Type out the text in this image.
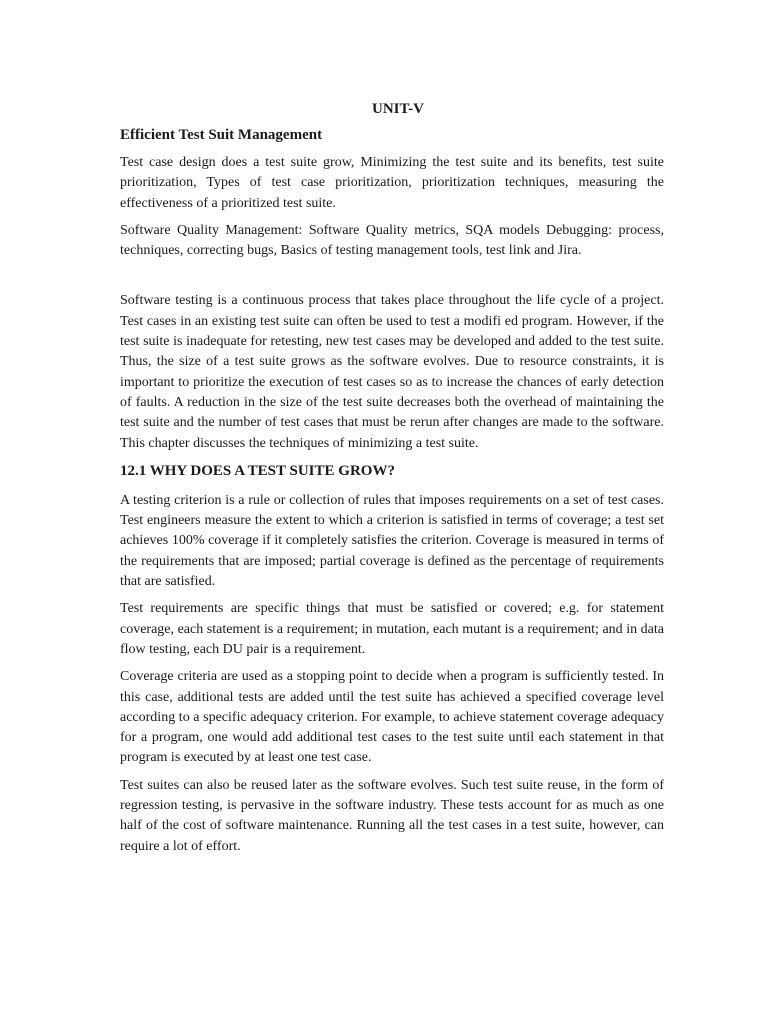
UNIT-V
Efficient Test Suit Management

Test case design does a test suite grow, Minimizing the test suite and its benefits, test suite prioritization, Types of test case prioritization, prioritization techniques, measuring the effectiveness of a prioritized test suite.

Software Quality Management: Software Quality metrics, SQA models Debugging: process, techniques, correcting bugs, Basics of testing management tools, test link and Jira.

Software testing is a continuous process that takes place throughout the life cycle of a project. Test cases in an existing test suite can often be used to test a modifi ed program. However, if the test suite is inadequate for retesting, new test cases may be developed and added to the test suite. Thus, the size of a test suite grows as the software evolves. Due to resource constraints, it is important to prioritize the execution of test cases so as to increase the chances of early detection of faults. A reduction in the size of the test suite decreases both the overhead of maintaining the test suite and the number of test cases that must be rerun after changes are made to the software. This chapter discusses the techniques of minimizing a test suite.

12.1 WHY DOES A TEST SUITE GROW?

A testing criterion is a rule or collection of rules that imposes requirements on a set of test cases. Test engineers measure the extent to which a criterion is satisfied in terms of coverage; a test set achieves 100% coverage if it completely satisfies the criterion. Coverage is measured in terms of the requirements that are imposed; partial coverage is defined as the percentage of requirements that are satisfied.

Test requirements are specific things that must be satisfied or covered; e.g. for statement coverage, each statement is a requirement; in mutation, each mutant is a requirement; and in data flow testing, each DU pair is a requirement.

Coverage criteria are used as a stopping point to decide when a program is sufficiently tested. In this case, additional tests are added until the test suite has achieved a specified coverage level according to a specific adequacy criterion. For example, to achieve statement coverage adequacy for a program, one would add additional test cases to the test suite until each statement in that program is executed by at least one test case.

Test suites can also be reused later as the software evolves. Such test suite reuse, in the form of regression testing, is pervasive in the software industry. These tests account for as much as one half of the cost of software maintenance. Running all the test cases in a test suite, however, can require a lot of effort.
